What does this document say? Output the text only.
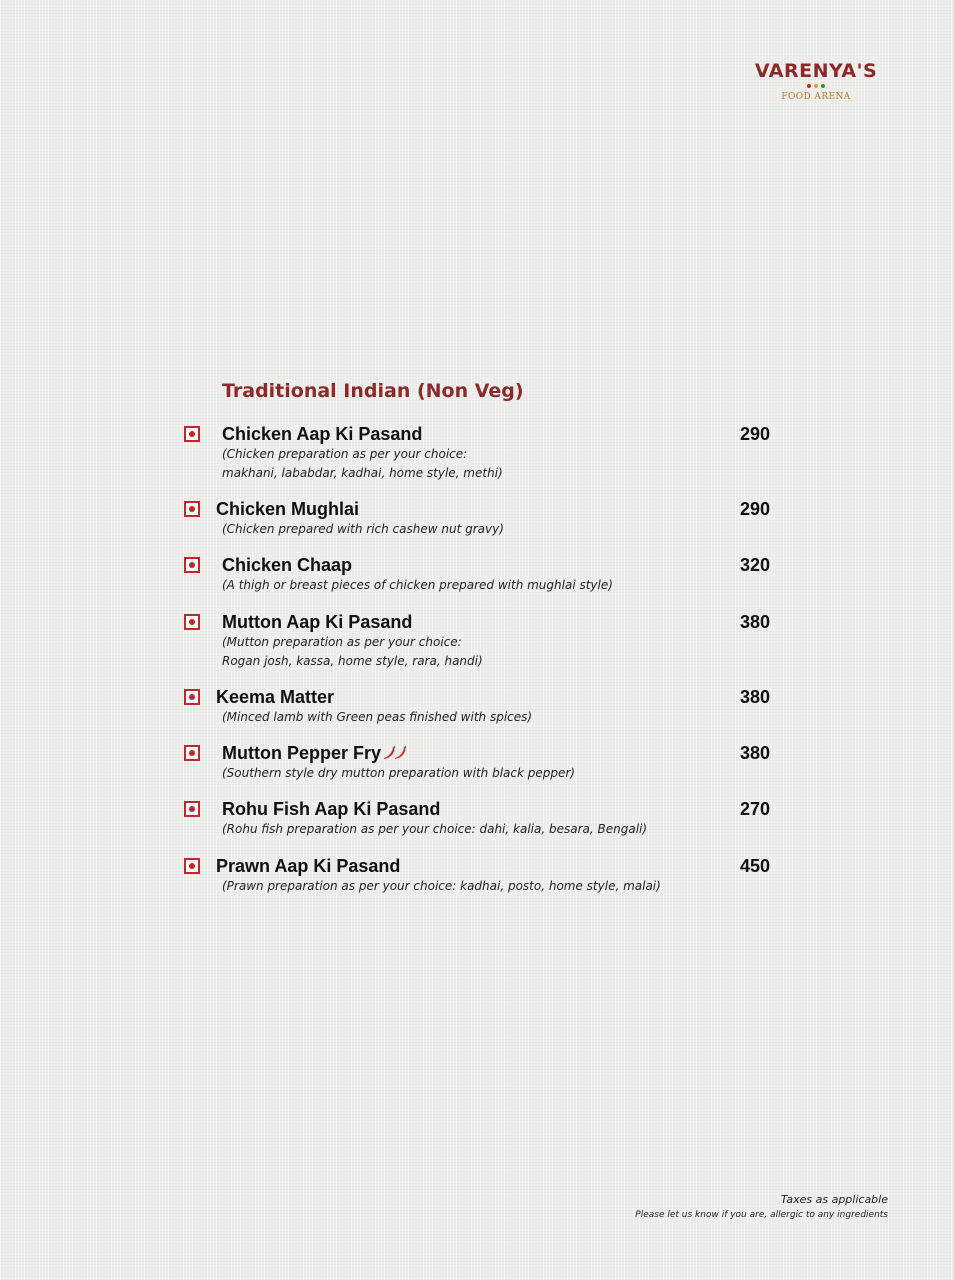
VARENYA'S
FOOD ARENA
Traditional Indian (Non Veg)
Chicken Aap Ki Pasand
(Chicken preparation as per your choice:
makhani, lababdar, kadhai, home style, methi)
290
Chicken Mughlai
(Chicken prepared with rich cashew nut gravy)
290
Chicken Chaap
(A thigh or breast pieces of chicken prepared with mughlai style)
320
Mutton Aap Ki Pasand
(Mutton preparation as per your choice:
Rogan josh, kassa, home style, rara, handi)
380
Keema Matter
(Minced lamb with Green peas finished with spices)
380
Mutton Pepper Fry
(Southern style dry mutton preparation with black pepper)
380
Rohu Fish Aap Ki Pasand
(Rohu fish preparation as per your choice: dahi, kalia, besara, Bengali)
270
Prawn Aap Ki Pasand
(Prawn preparation as per your choice: kadhai, posto, home style, malai)
450
Taxes as applicable
Please let us know if you are, allergic to any ingredients
